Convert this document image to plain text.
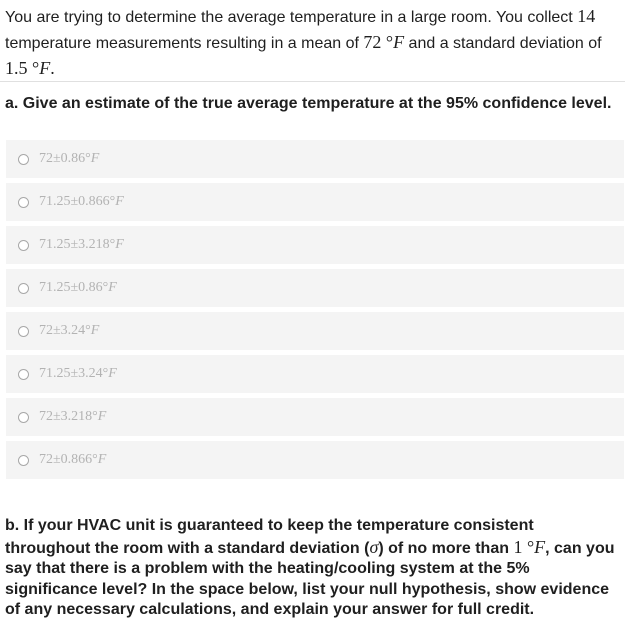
You are trying to determine the average temperature in a large room. You collect 14 temperature measurements resulting in a mean of 72 °F and a standard deviation of 1.5 °F.
a. Give an estimate of the true average temperature at the 95% confidence level.
72±0.86°F
71.25±0.866°F
71.25±3.218°F
71.25±0.86°F
72±3.24°F
71.25±3.24°F
72±3.218°F
72±0.866°F
b. If your HVAC unit is guaranteed to keep the temperature consistent throughout the room with a standard deviation (σ) of no more than 1 °F, can you say that there is a problem with the heating/cooling system at the 5% significance level? In the space below, list your null hypothesis, show evidence of any necessary calculations, and explain your answer for full credit.
